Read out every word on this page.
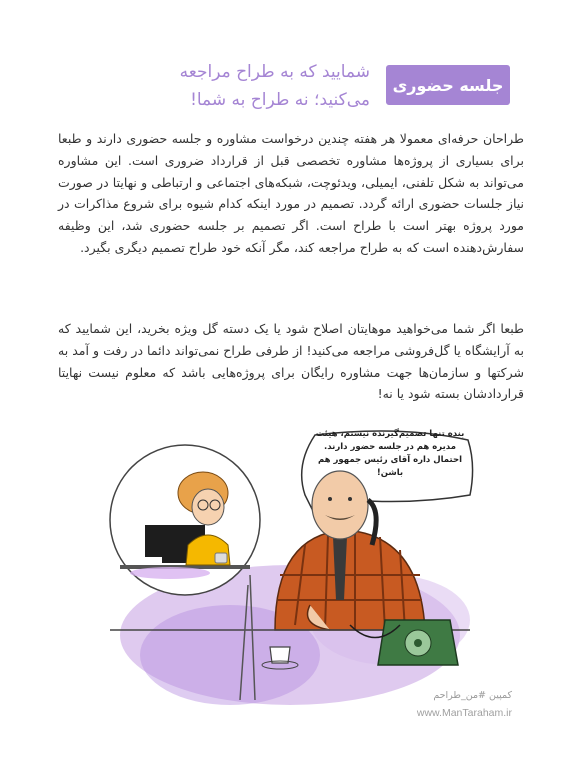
جلسه حضوری
شمایید که به طراح مراجعه می‌کنید؛ نه طراح به شما!

طراحان حرفه‌ای معمولا هر هفته چندین درخواست مشاوره و جلسه حضوری دارند و طبعا برای بسیاری از پروژه‌ها مشاوره تخصصی قبل از قرارداد ضروری است. این مشاوره می‌تواند به شکل تلفنی، ایمیلی، ویدئوچت، شبکه‌های اجتماعی و ارتباطی و نهایتا در صورت نیاز جلسات حضوری ارائه گردد. تصمیم در مورد اینکه کدام شیوه برای شروع مذاکرات در مورد پروژه بهتر است با طراح است. اگر تصمیم بر جلسه حضوری شد، این وظیفه سفارش‌دهنده است که به طراح مراجعه کند، مگر آنکه خود طراح تصمیم دیگری بگیرد.

طبعا اگر شما می‌خواهید موهایتان اصلاح شود یا یک دسته گل ویژه بخرید، این شمایید که به آرایشگاه یا گل‌فروشی مراجعه می‌کنید! از طرفی طراح نمی‌تواند دائما در رفت و آمد به شرکتها و سازمان‌ها جهت مشاوره رایگان برای پروژه‌هایی باشد که معلوم نیست نهایتا قراردادشان بسته شود یا نه!

بنده تنها تصمیم‌گیرنده نیستم، هیئت مدیره هم در جلسه حضور دارند. احتمال داره آقای رئیس جمهور هم باشن!
کمپین #من_طراحم
www.ManTaraham.ir
